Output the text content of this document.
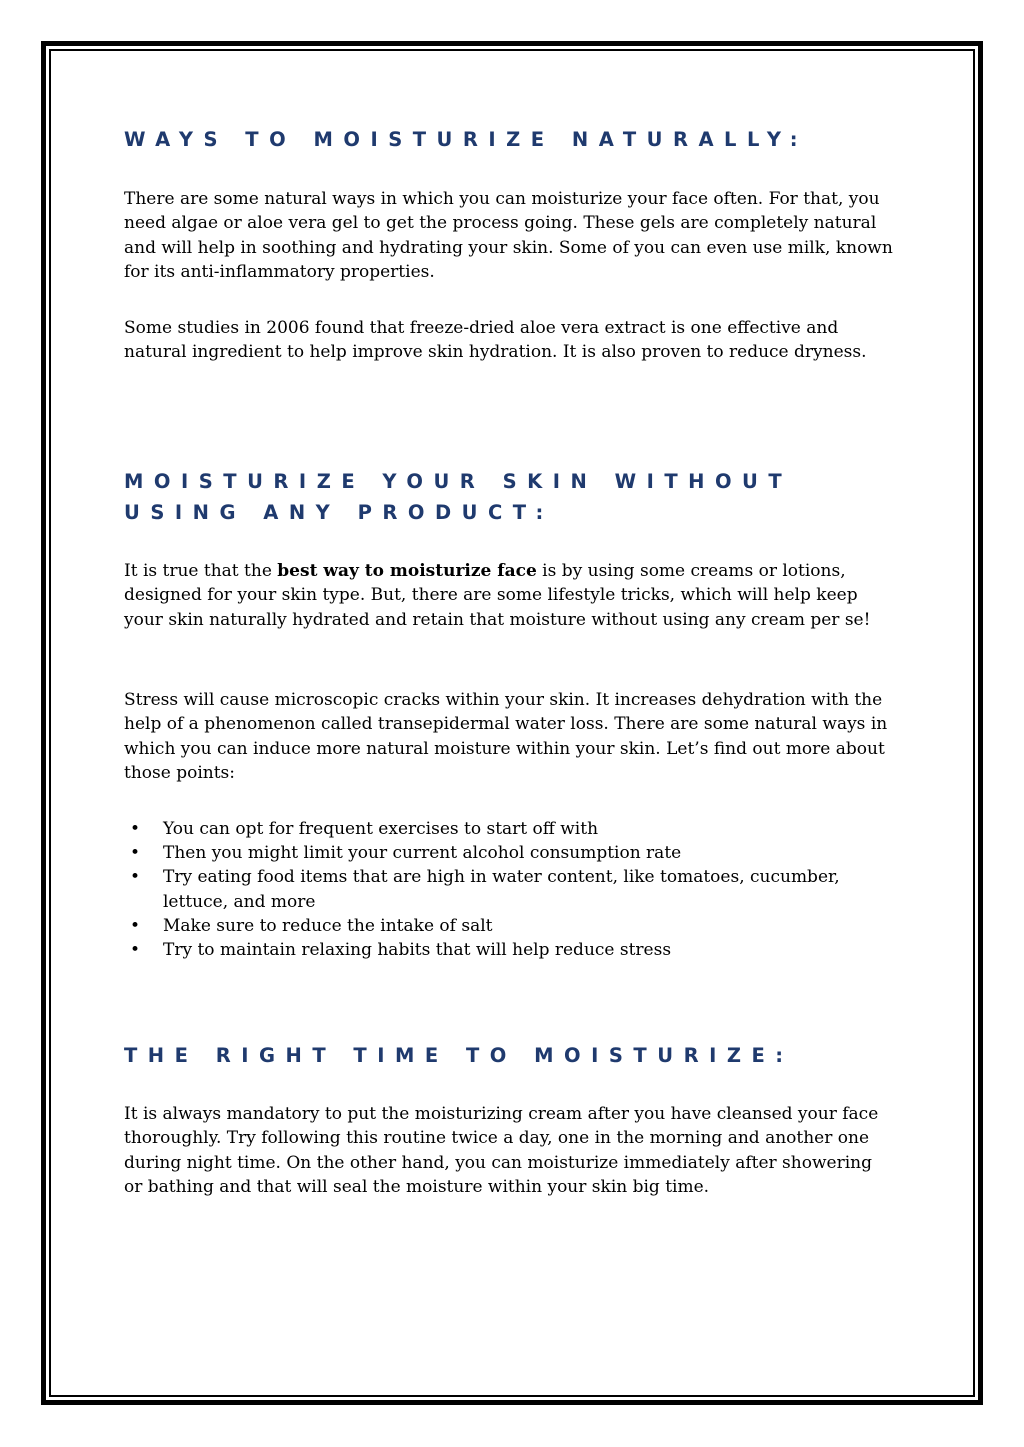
WAYS TO MOISTURIZE NATURALLY:

There are some natural ways in which you can moisturize your face often. For that, you need algae or aloe vera gel to get the process going. These gels are completely natural and will help in soothing and hydrating your skin. Some of you can even use milk, known for its anti-inflammatory properties.

Some studies in 2006 found that freeze-dried aloe vera extract is one effective and natural ingredient to help improve skin hydration. It is also proven to reduce dryness.

MOISTURIZE YOUR SKIN WITHOUT USING ANY PRODUCT:

It is true that the best way to moisturize face is by using some creams or lotions, designed for your skin type. But, there are some lifestyle tricks, which will help keep your skin naturally hydrated and retain that moisture without using any cream per se!

Stress will cause microscopic cracks within your skin. It increases dehydration with the help of a phenomenon called transepidermal water loss. There are some natural ways in which you can induce more natural moisture within your skin. Let’s find out more about those points:

• You can opt for frequent exercises to start off with
• Then you might limit your current alcohol consumption rate
• Try eating food items that are high in water content, like tomatoes, cucumber, lettuce, and more
• Make sure to reduce the intake of salt
• Try to maintain relaxing habits that will help reduce stress
THE RIGHT TIME TO MOISTURIZE:

It is always mandatory to put the moisturizing cream after you have cleansed your face thoroughly. Try following this routine twice a day, one in the morning and another one during night time. On the other hand, you can moisturize immediately after showering or bathing and that will seal the moisture within your skin big time.
